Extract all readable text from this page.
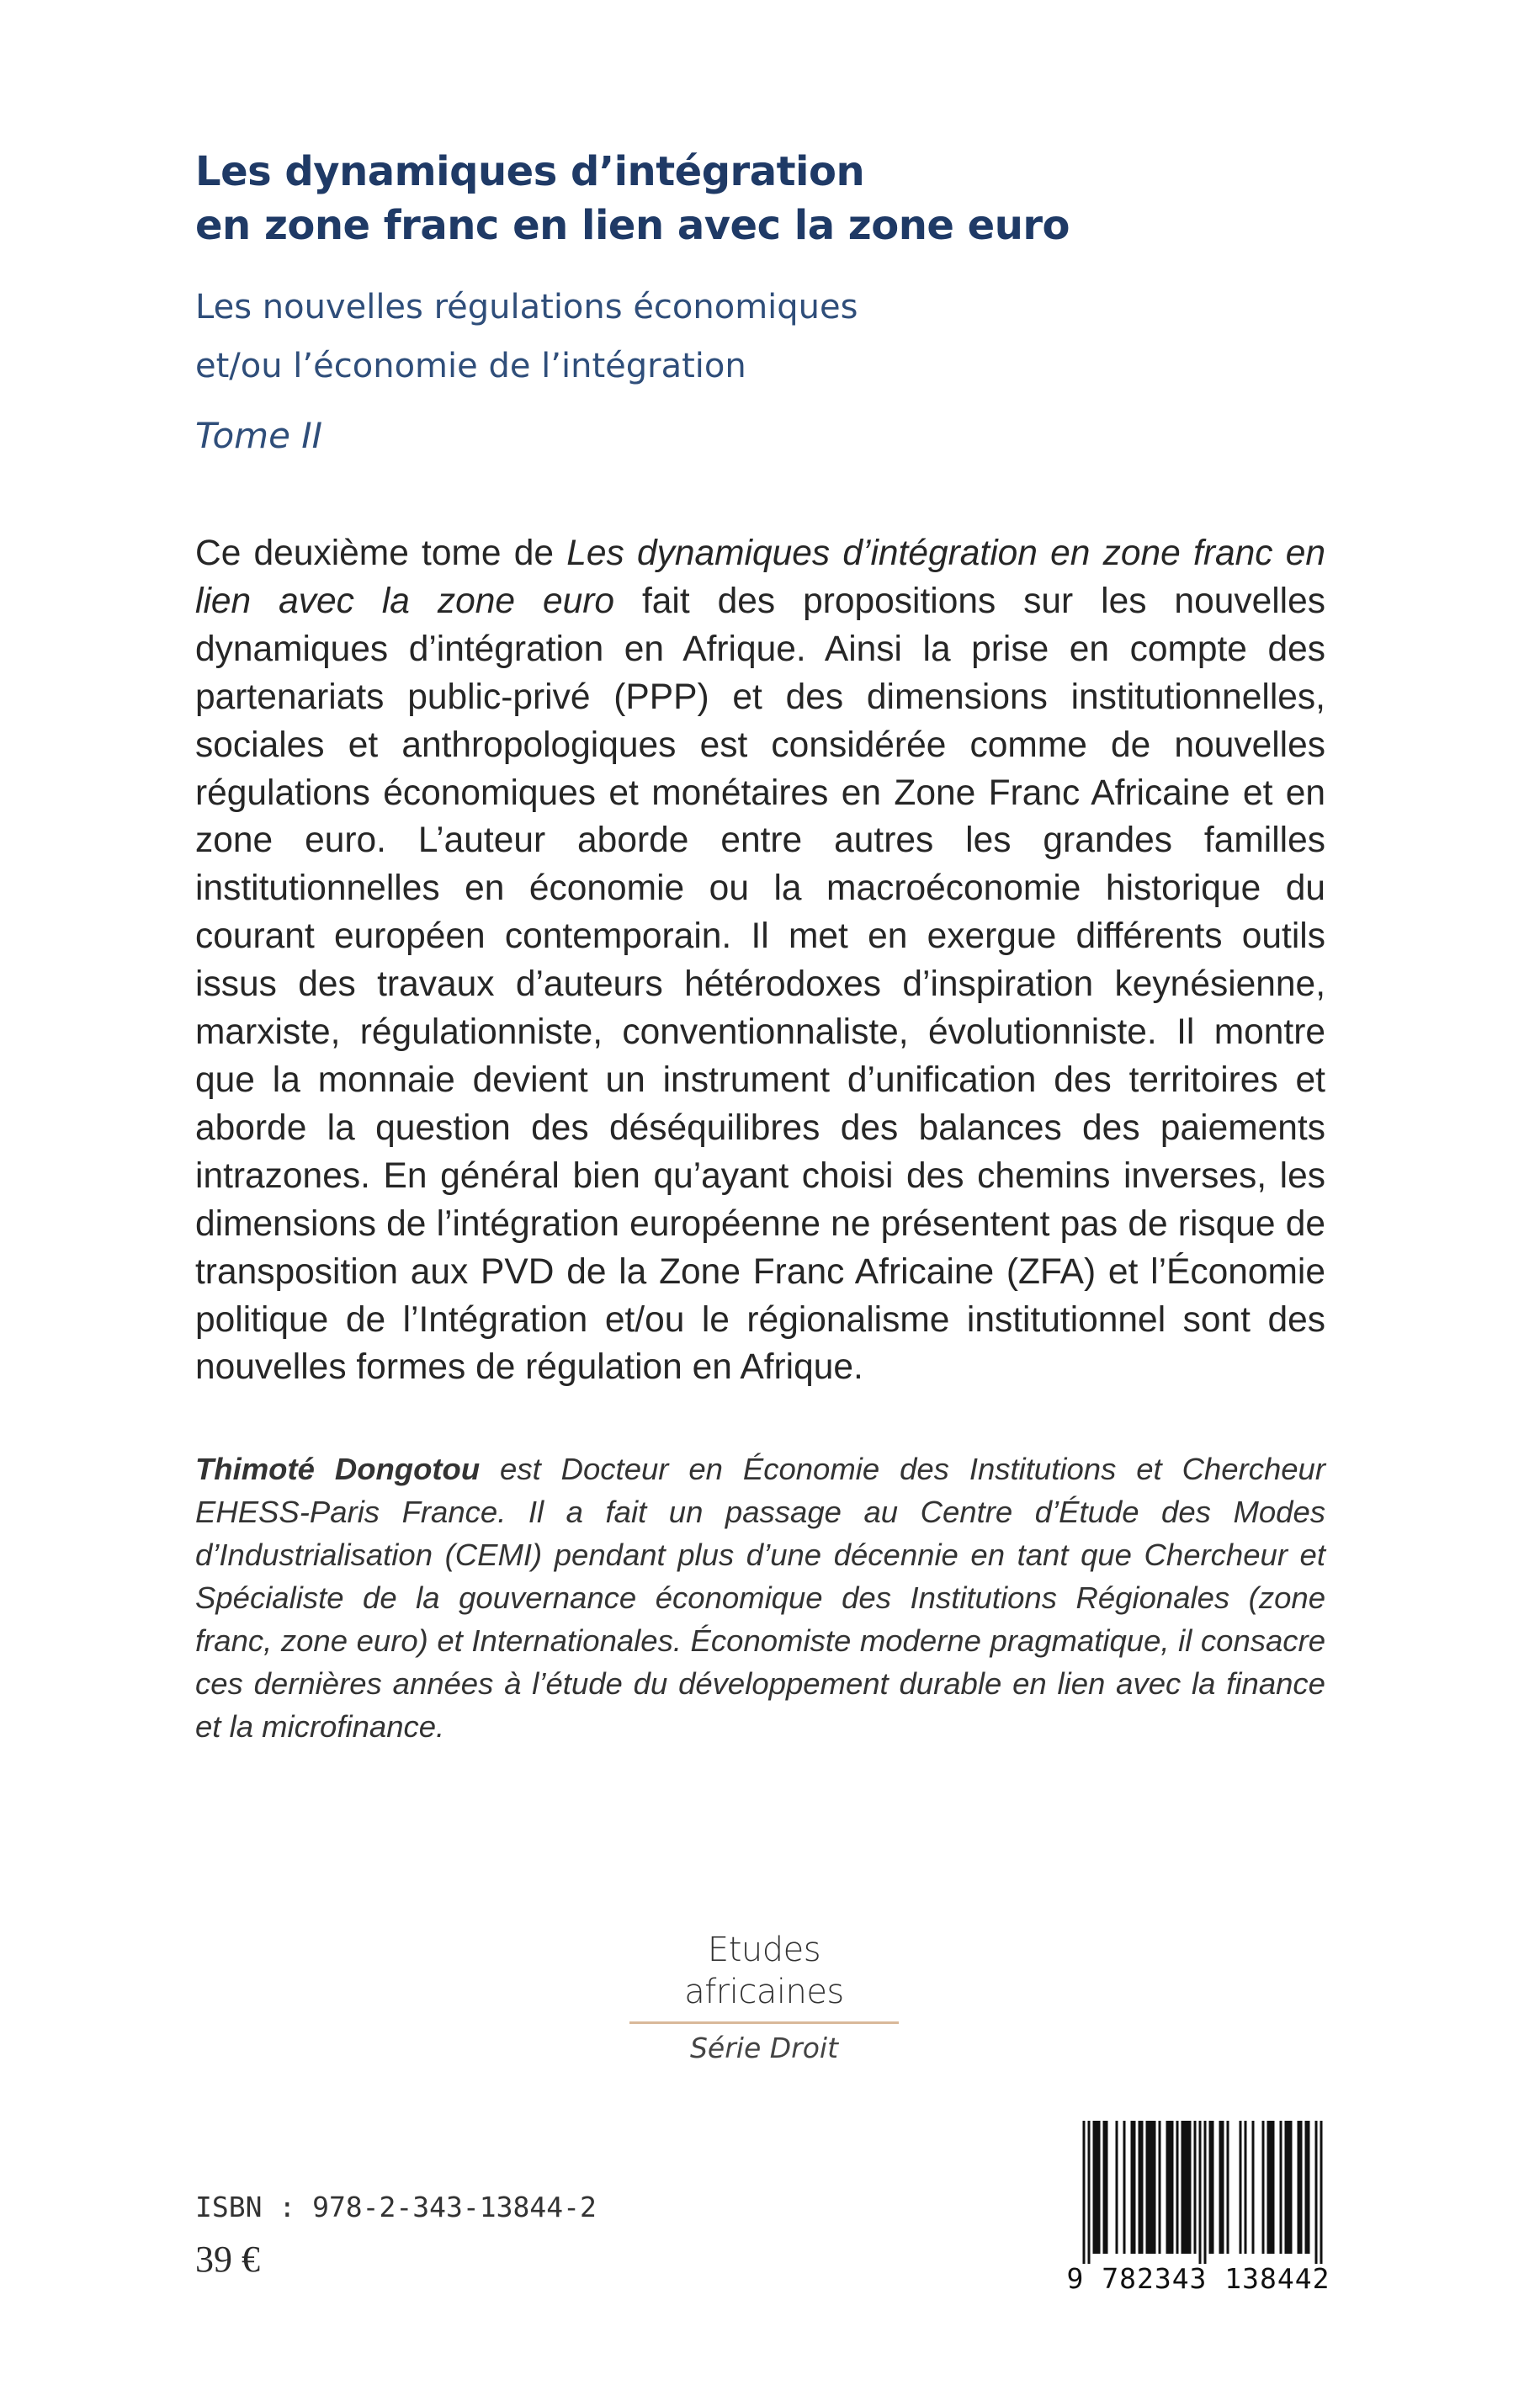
Les dynamiques d’intégration
en zone franc en lien avec la zone euro
Les nouvelles régulations économiques
et/ou l’économie de l’intégration
Tome II

Ce deuxième tome de Les dynamiques d’intégration en zone franc en lien avec la zone euro fait des propositions sur les nouvelles dynamiques d’intégration en Afrique. Ainsi la prise en compte des partenariats public-privé (PPP) et des dimensions institutionnelles, sociales et anthropologiques est considérée comme de nouvelles régulations économiques et monétaires en Zone Franc Africaine et en zone euro. L’auteur aborde entre autres les grandes familles institutionnelles en économie ou la macroéconomie historique du courant européen contemporain. Il met en exergue différents outils issus des travaux d’auteurs hétérodoxes d’inspiration keynésienne, marxiste, régulationniste, conventionnaliste, évolutionniste. Il montre que la monnaie devient un instrument d’unification des territoires et aborde la question des déséquilibres des balances des paiements intrazones. En général bien qu’ayant choisi des chemins inverses, les dimensions de l’intégration européenne ne présentent pas de risque de transposition aux PVD de la Zone Franc Africaine (ZFA) et l’Économie politique de l’Intégration et/ou le régionalisme institutionnel sont des nouvelles formes de régulation en Afrique.

Thimoté Dongotou est Docteur en Économie des Institutions et Chercheur EHESS-Paris France. Il a fait un passage au Centre d’Étude des Modes d’Industrialisation (CEMI) pendant plus d’une décennie en tant que Chercheur et Spécialiste de la gouvernance économique des Institutions Régionales (zone franc, zone euro) et Internationales. Économiste moderne pragmatique, il consacre ces dernières années à l’étude du développement durable en lien avec la finance et la microfinance.

Etudes africaines
Série Droit
ISBN : 978-2-343-13844-2
39 €	9 782343 138442
